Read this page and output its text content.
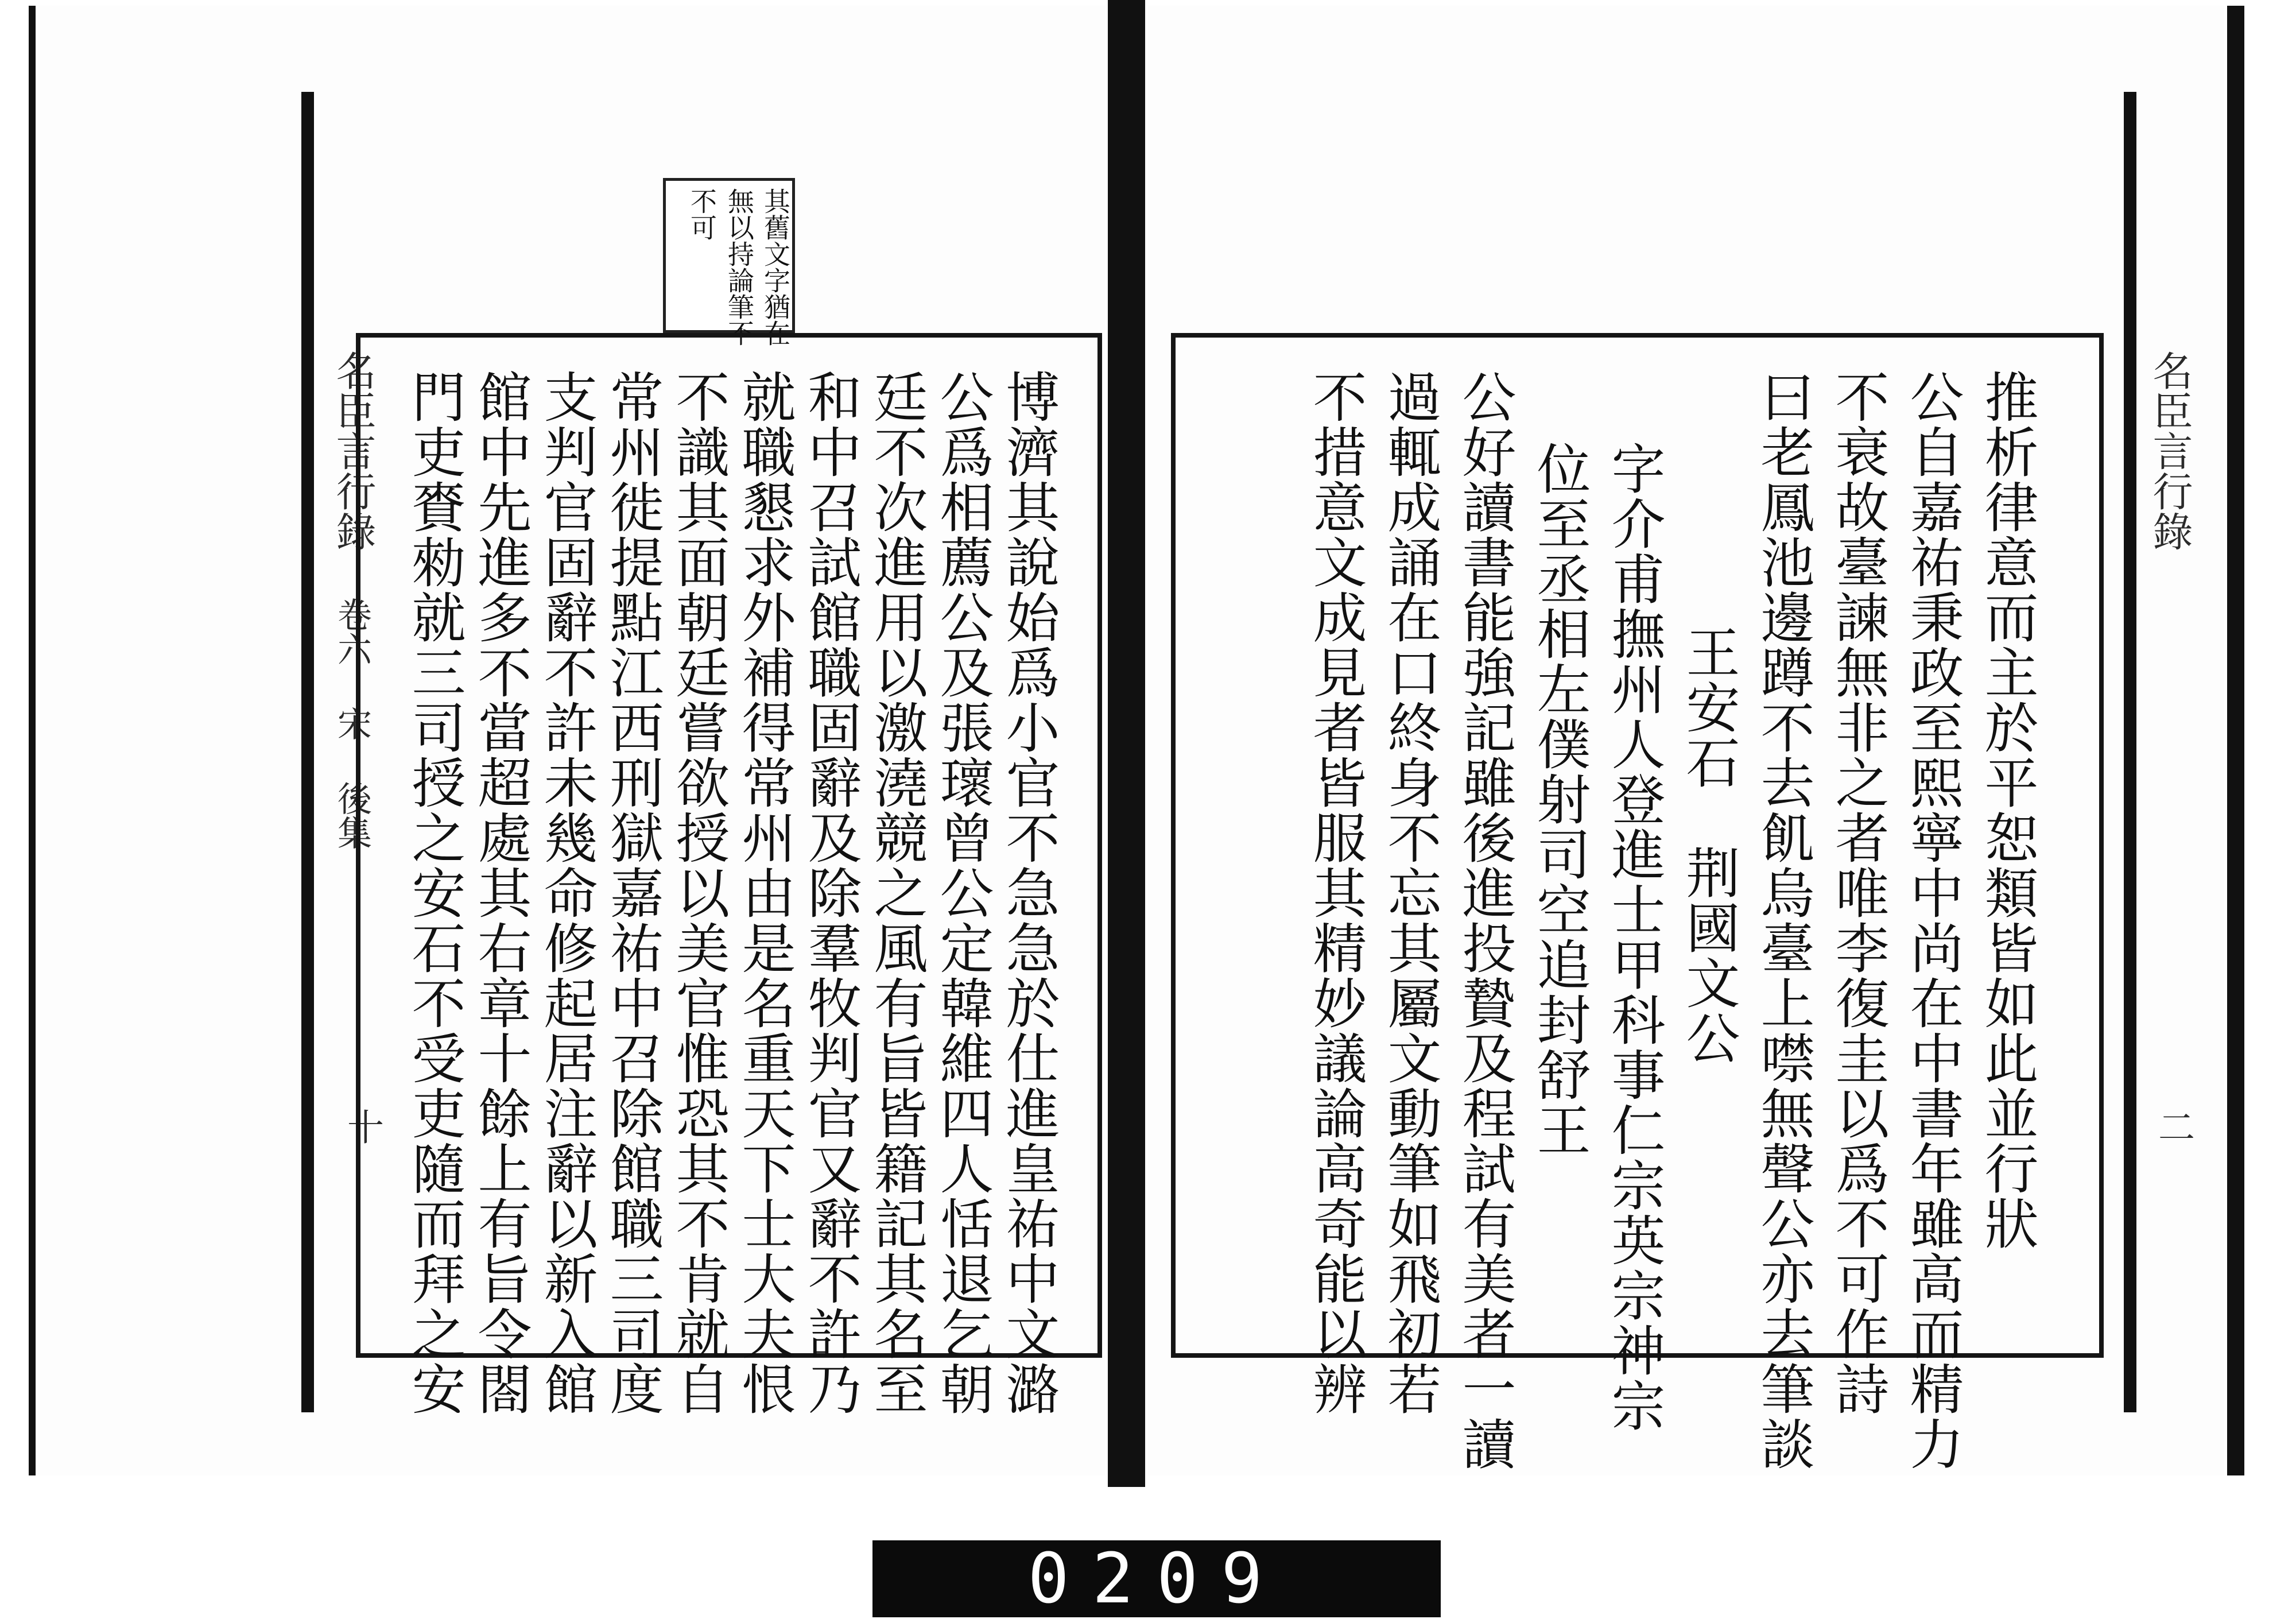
名臣言行錄
卷六 宋 後集
十
其舊文字猶在
無以持論筆不
不可
門吏賚勑就三司授之安石不受吏隨而拜之安 館中先進多不當超處其右章十餘上有旨令閤 支判官固辭不許未幾命修起居注辭以新入館 常州徙提點江西刑獄嘉祐中召除館職三司度 不識其面朝廷嘗欲授以美官惟恐其不肯就自 就職懇求外補得常州由是名重天下士大夫恨 和中召試館職固辭及除羣牧判官又辭不許乃 廷不次進用以激澆競之風有旨皆籍記其名至 公爲相薦公及張瓌曾公定韓維四人恬退乞朝 博濟其說始爲小官不急急於仕進皇祐中文潞	名臣言行錄
二
推析律意而主於平恕類皆如此並行狀
公自嘉祐秉政至熙寧中尚在中書年雖高而精力
不衰故臺諫無非之者唯李復圭以爲不可作詩
曰老鳳池邊蹲不去飢烏臺上噤無聲公亦去筆談
王安石　荆國文公
字介甫撫州人登進士甲科事仁宗英宗神宗
位至丞相左僕射司空追封舒王
公好讀書能強記雖後進投贄及程試有美者一讀
過輒成誦在口終身不忘其屬文動筆如飛初若
不措意文成見者皆服其精妙議論高奇能以辨
0209
